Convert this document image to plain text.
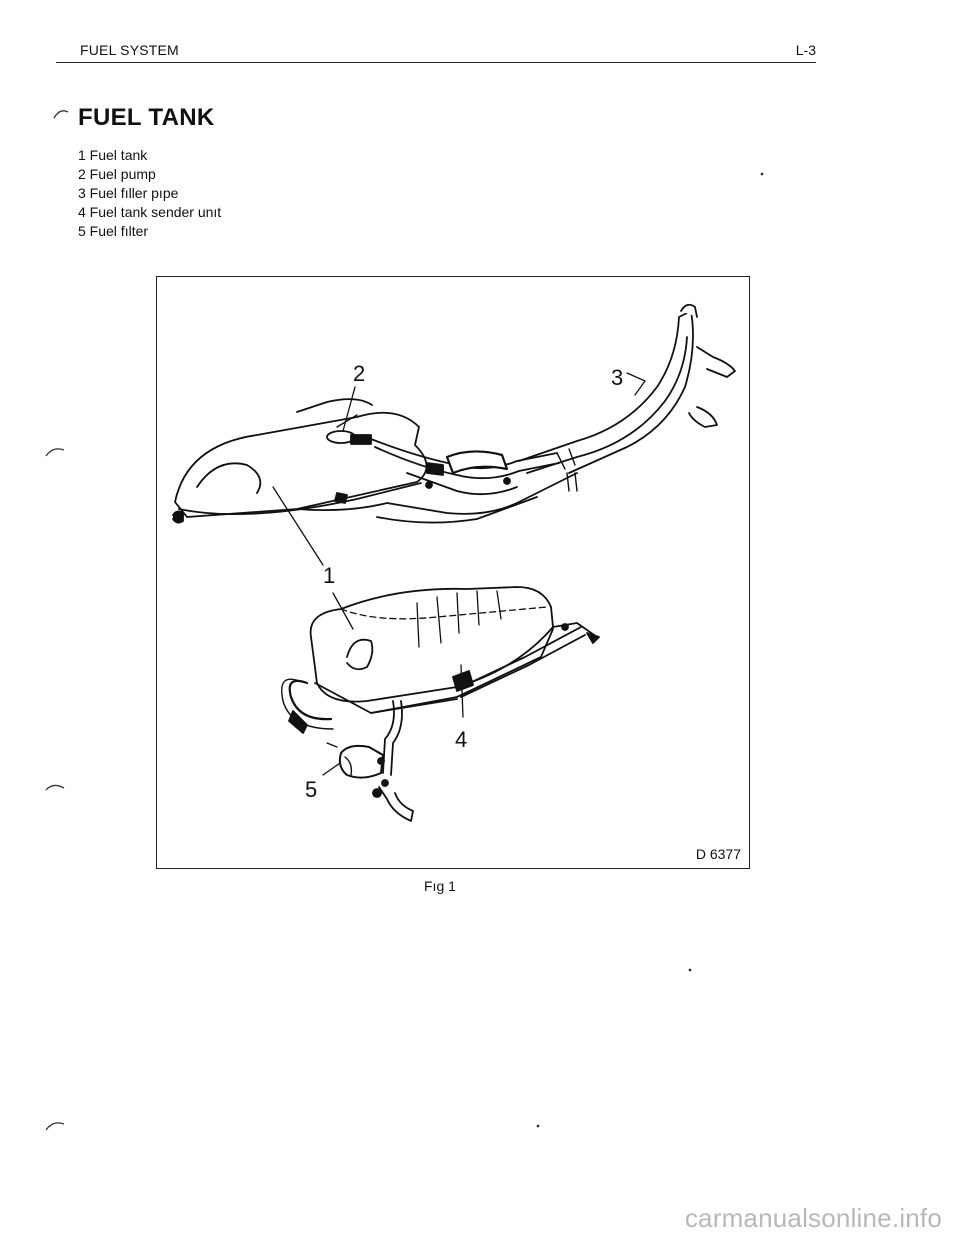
FUEL SYSTEM	L-3
FUEL TANK
1 Fuel tank
2 Fuel pump
3 Fuel fıller pıpe
4 Fuel tank sender unıt
5 Fuel fılter
1
2	3
4
5
D 6377
Fıg 1
carmanualsonline.info
